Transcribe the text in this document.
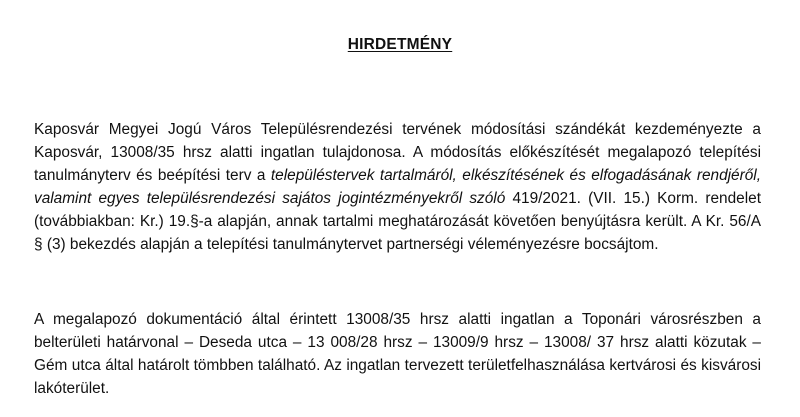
HIRDETMÉNY

Kaposvár Megyei Jogú Város Településrendezési tervének módosítási szándékát kezdeményezte a Kaposvár, 13008/35 hrsz alatti ingatlan tulajdonosa. A módosítás előkészítését megalapozó telepítési tanulmányterv és beépítési terv a településtervek tartalmáról, elkészítésének és elfogadásának rendjéről, valamint egyes településrendezési sajátos jogintézményekről szóló 419/2021. (VII. 15.) Korm. rendelet (továbbiakban: Kr.) 19.§-a alapján, annak tartalmi meghatározását követően benyújtásra került. A Kr. 56/A § (3) bekezdés alapján a telepítési tanulmánytervet partnerségi véleményezésre bocsájtom.

A megalapozó dokumentáció által érintett 13008/35 hrsz alatti ingatlan a Toponári városrészben a belterületi határvonal – Deseda utca – 13 008/28 hrsz – 13009/9 hrsz – 13008/ 37 hrsz alatti közutak – Gém utca által határolt tömbben található. Az ingatlan tervezett területfelhasználása kertvárosi és kisvárosi lakóterület.
